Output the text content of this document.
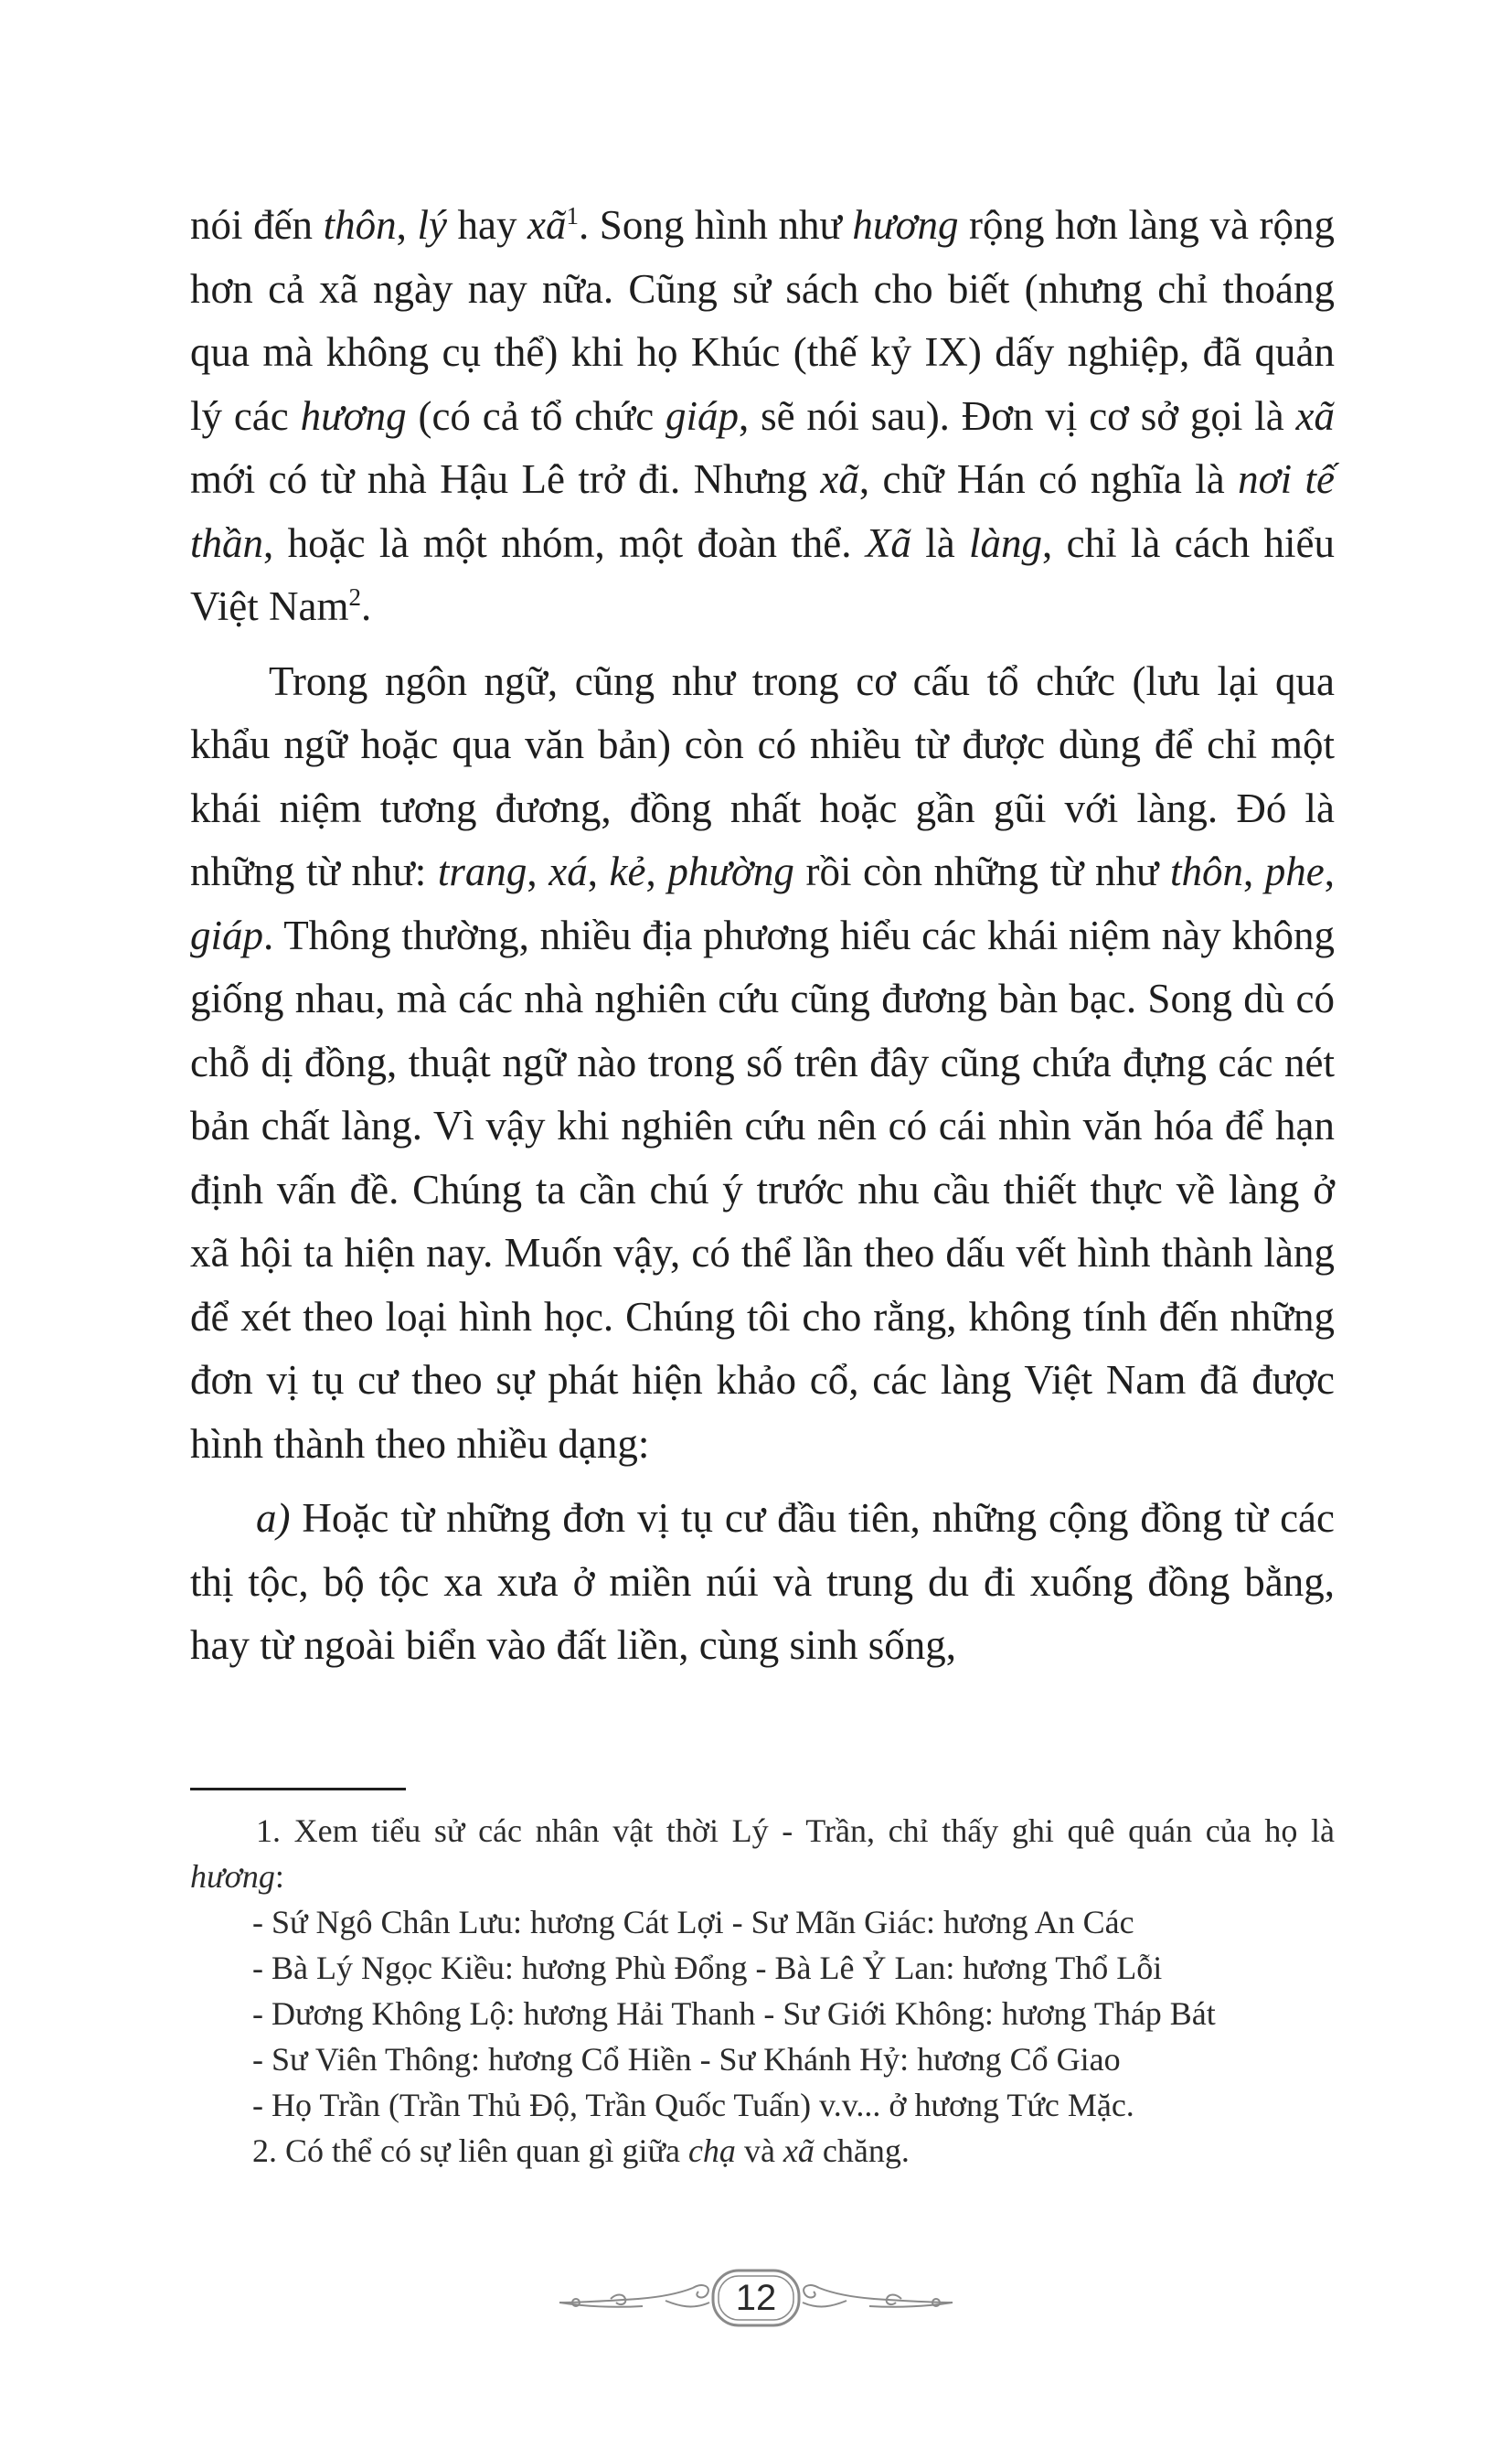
nói đến thôn, lý hay $xã^1$. Song hình như hương rộng hơn làng và rộng hơn cả xã ngày nay nữa. Cũng sử sách cho biết (nhưng chỉ thoáng qua mà không cụ thể) khi họ Khúc (thế kỷ IX) dấy nghiệp, đã quản lý các hương (có cả tổ chức giáp, sẽ nói sau). Đơn vị cơ sở gọi là xã mới có từ nhà Hậu Lê trở đi. Nhưng xã, chữ Hán có nghĩa là nơi tế thần, hoặc là một nhóm, một đoàn thể. Xã là làng, chỉ là cách hiểu Việt Nam$^2$.

Trong ngôn ngữ, cũng như trong cơ cấu tổ chức (lưu lại qua khẩu ngữ hoặc qua văn bản) còn có nhiều từ được dùng để chỉ một khái niệm tương đương, đồng nhất hoặc gần gũi với làng. Đó là những từ như: trang, xá, kẻ, phường rồi còn những từ như thôn, phe, giáp. Thông thường, nhiều địa phương hiểu các khái niệm này không giống nhau, mà các nhà nghiên cứu cũng đương bàn bạc. Song dù có chỗ dị đồng, thuật ngữ nào trong số trên đây cũng chứa đựng các nét bản chất làng. Vì vậy khi nghiên cứu nên có cái nhìn văn hóa để hạn định vấn đề. Chúng ta cần chú ý trước nhu cầu thiết thực về làng ở xã hội ta hiện nay. Muốn vậy, có thể lần theo dấu vết hình thành làng để xét theo loại hình học. Chúng tôi cho rằng, không tính đến những đơn vị tụ cư theo sự phát hiện khảo cổ, các làng Việt Nam đã được hình thành theo nhiều dạng:

a) Hoặc từ những đơn vị tụ cư đầu tiên, những cộng đồng từ các thị tộc, bộ tộc xa xưa ở miền núi và trung du đi xuống đồng bằng, hay từ ngoài biển vào đất liền, cùng sinh sống,

1. Xem tiểu sử các nhân vật thời Lý - Trần, chỉ thấy ghi quê quán của họ là hương:

- Sứ Ngô Chân Lưu: hương Cát Lợi - Sư Mãn Giác: hương An Các

- Bà Lý Ngọc Kiều: hương Phù Đổng - Bà Lê Ỷ Lan: hương Thổ Lỗi

- Dương Không Lộ: hương Hải Thanh - Sư Giới Không: hương Tháp Bát

- Sư Viên Thông: hương Cổ Hiền - Sư Khánh Hỷ: hương Cổ Giao

- Họ Trần (Trần Thủ Độ, Trần Quốc Tuấn) v.v... ở hương Tức Mặc.

2. Có thể có sự liên quan gì giữa chạ và xã chăng.

12
